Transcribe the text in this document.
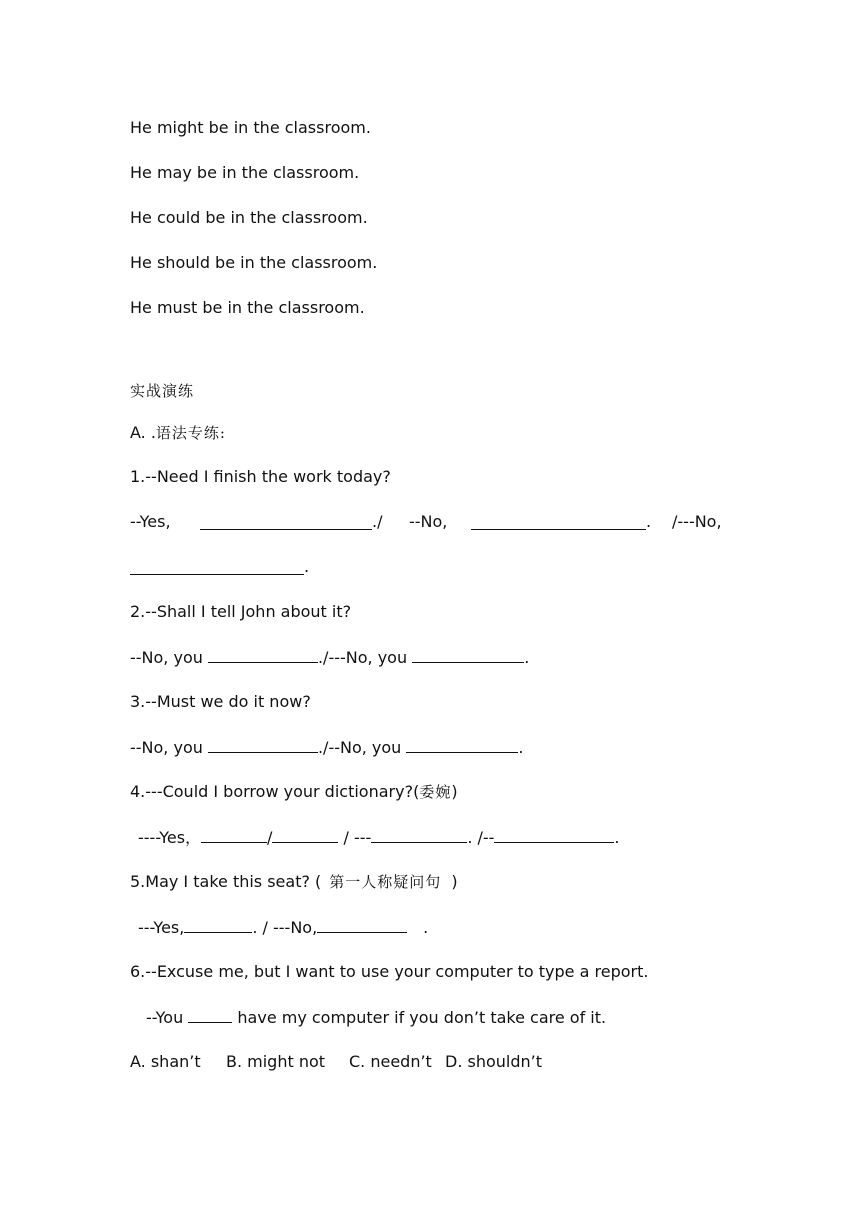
He might be in the classroom.
He may be in the classroom.
He could be in the classroom.
He should be in the classroom.
He must be in the classroom.
实战演练
A. .语法专练:
1.--Need I finish the work today?
--Yes,	./ --No,	. /---No,
.
2.--Shall I tell John about it?
--No, you	./---No, you	.
3.--Must we do it now?
--No, you	./--No, you	.
4.---Could I borrow your dictionary?(委婉)
----Yes，	/	/ ---	. /--	.
5.May I take this seat? ( 第一人称疑问句 )
---Yes,	. / ---No,	.
6.--Excuse me, but I want to use your computer to type a report.
--You	have my computer if you don’t take care of it.
A. shan’t B. might not C. needn’t D. shouldn’t
